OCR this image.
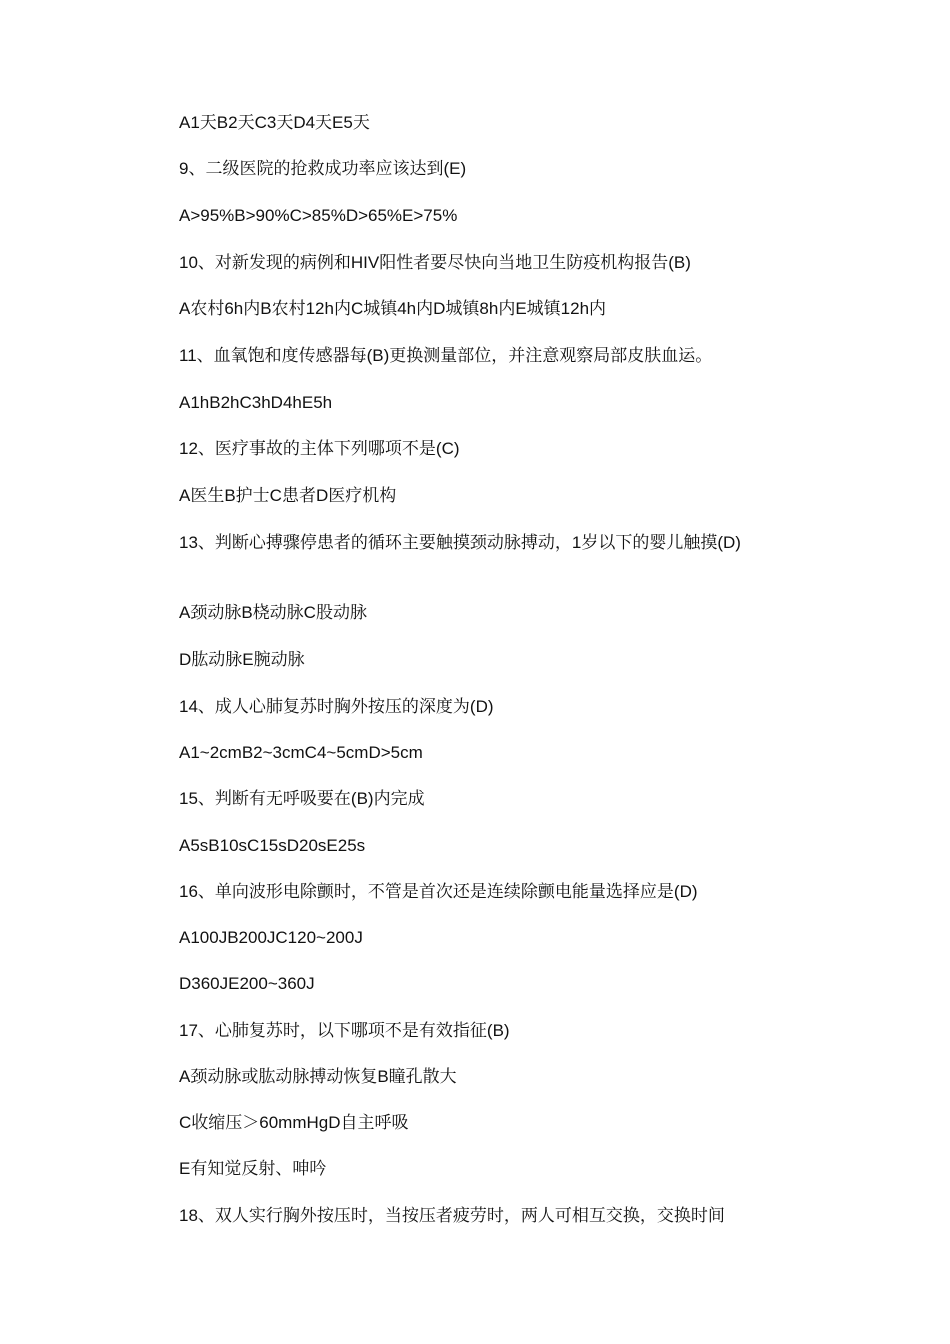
A1天B2天C3天D4天E5天

9、二级医院的抢救成功率应该达到(E)

A>95%B>90%C>85%D>65%E>75%

10、对新发现的病例和HIV阳性者要尽快向当地卫生防疫机构报告(B)

A农村6h内B农村12h内C城镇4h内D城镇8h内E城镇12h内

11、血氧饱和度传感器每(B)更换测量部位，并注意观察局部皮肤血运。

A1hB2hC3hD4hE5h

12、医疗事故的主体下列哪项不是(C)

A医生B护士C患者D医疗机构

13、判断心搏骤停患者的循环主要触摸颈动脉搏动，1岁以下的婴儿触摸(D)

A颈动脉B桡动脉C股动脉

D肱动脉E腕动脉

14、成人心肺复苏时胸外按压的深度为(D)

A1~2cmB2~3cmC4~5cmD>5cm

15、判断有无呼吸要在(B)内完成

A5sB10sC15sD20sE25s

16、单向波形电除颤时，不管是首次还是连续除颤电能量选择应是(D)

A100JB200JC120~200J

D360JE200~360J

17、心肺复苏时，以下哪项不是有效指征(B)

A颈动脉或肱动脉搏动恢复B瞳孔散大

C收缩压＞60mmHgD自主呼吸

E有知觉反射、呻吟

18、双人实行胸外按压时，当按压者疲劳时，两人可相互交换，交换时间
